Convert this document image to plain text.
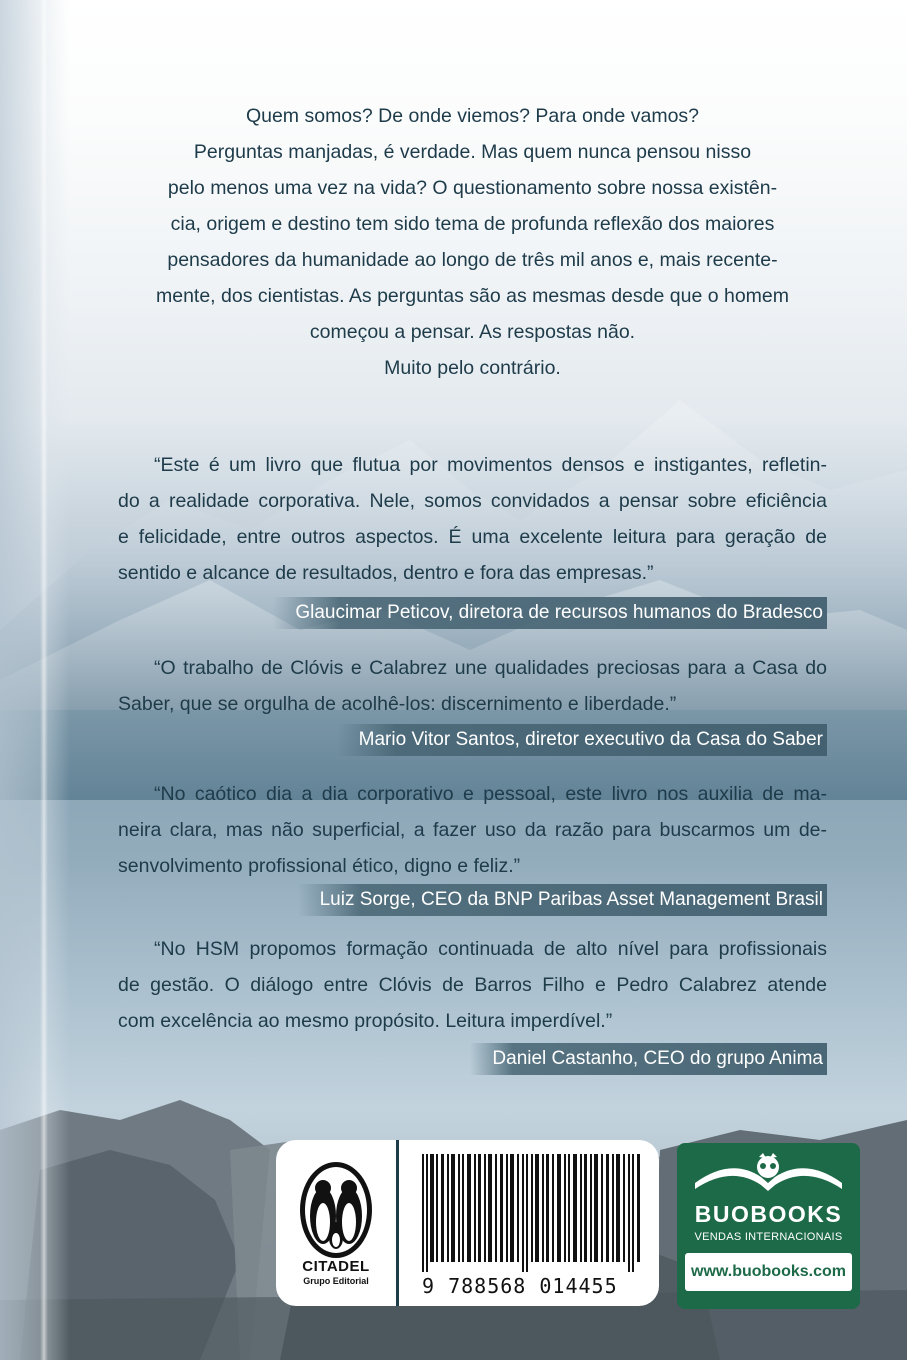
Quem somos? De onde viemos? Para onde vamos?
Perguntas manjadas, é verdade. Mas quem nunca pensou nisso
pelo menos uma vez na vida? O questionamento sobre nossa existên-
cia, origem e destino tem sido tema de profunda reflexão dos maiores
pensadores da humanidade ao longo de três mil anos e, mais recente-
mente, dos cientistas. As perguntas são as mesmas desde que o homem
começou a pensar. As respostas não.
Muito pelo contrário.
“Este é um livro que flutua por movimentos densos e instigantes, refletin-
do a realidade corporativa. Nele, somos convidados a pensar sobre eficiência
e felicidade, entre outros aspectos. É uma excelente leitura para geração de
sentido e alcance de resultados, dentro e fora das empresas.”
Glaucimar Peticov, diretora de recursos humanos do Bradesco
“O trabalho de Clóvis e Calabrez une qualidades preciosas para a Casa do
Saber, que se orgulha de acolhê-los: discernimento e liberdade.”
Mario Vitor Santos, diretor executivo da Casa do Saber
“No caótico dia a dia corporativo e pessoal, este livro nos auxilia de ma-
neira clara, mas não superficial, a fazer uso da razão para buscarmos um de-
senvolvimento profissional ético, digno e feliz.”
Luiz Sorge, CEO da BNP Paribas Asset Management Brasil
“No HSM propomos formação continuada de alto nível para profissionais
de gestão. O diálogo entre Clóvis de Barros Filho e Pedro Calabrez atende
com excelência ao mesmo propósito. Leitura imperdível.”
Daniel Castanho, CEO do grupo Anima
CITADEL
Grupo Editorial	9 788568 014455
BUOBOOKS
VENDAS INTERNACIONAIS
www.buobooks.com
